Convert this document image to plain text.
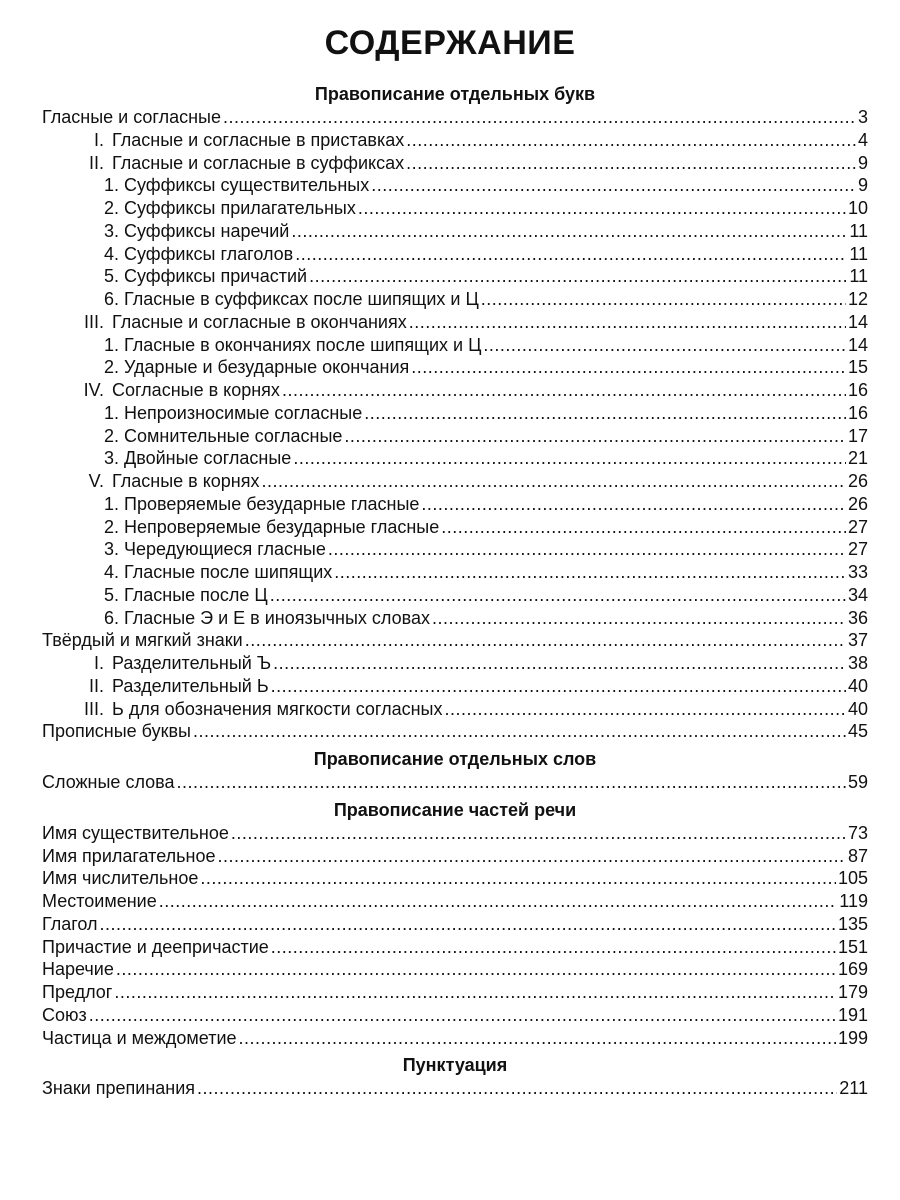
СОДЕРЖАНИЕ
Правописание отдельных букв
Гласные и согласные .....	3
I. Гласные и согласные в приставках .....	4
II. Гласные и согласные в суффиксах .....	9
1. Суффиксы существительных .....	9
2. Суффиксы прилагательных .....	10
3. Суффиксы наречий .....	11
4. Суффиксы глаголов .....	11
5. Суффиксы причастий .....	11
6. Гласные в суффиксах после шипящих и Ц .....	12
III. Гласные и согласные в окончаниях .....	14
1. Гласные в окончаниях после шипящих и Ц .....	14
2. Ударные и безударные окончания .....	15
IV. Согласные в корнях .....	16
1. Непроизносимые согласные .....	16
2. Сомнительные согласные .....	17
3. Двойные согласные .....	21
V. Гласные в корнях .....	26
1. Проверяемые безударные гласные .....	26
2. Непроверяемые безударные гласные .....	27
3. Чередующиеся гласные .....	27
4. Гласные после шипящих .....	33
5. Гласные после Ц .....	34
6. Гласные Э и Е в иноязычных словах .....	36
Твёрдый и мягкий знаки .....	37
I. Разделительный Ъ .....	38
II. Разделительный Ь .....	40
III. Ь для обозначения мягкости согласных .....	40
Прописные буквы .....	45
Правописание отдельных слов
Сложные слова .....	59
Правописание частей речи
Имя существительное .....	73
Имя прилагательное .....	87
Имя числительное .....	105
Местоимение .....	119
Глагол .....	135
Причастие и деепричастие .....	151
Наречие .....	169
Предлог .....	179
Союз .....	191
Частица и междометие .....	199
Пунктуация
Знаки препинания .....	211
